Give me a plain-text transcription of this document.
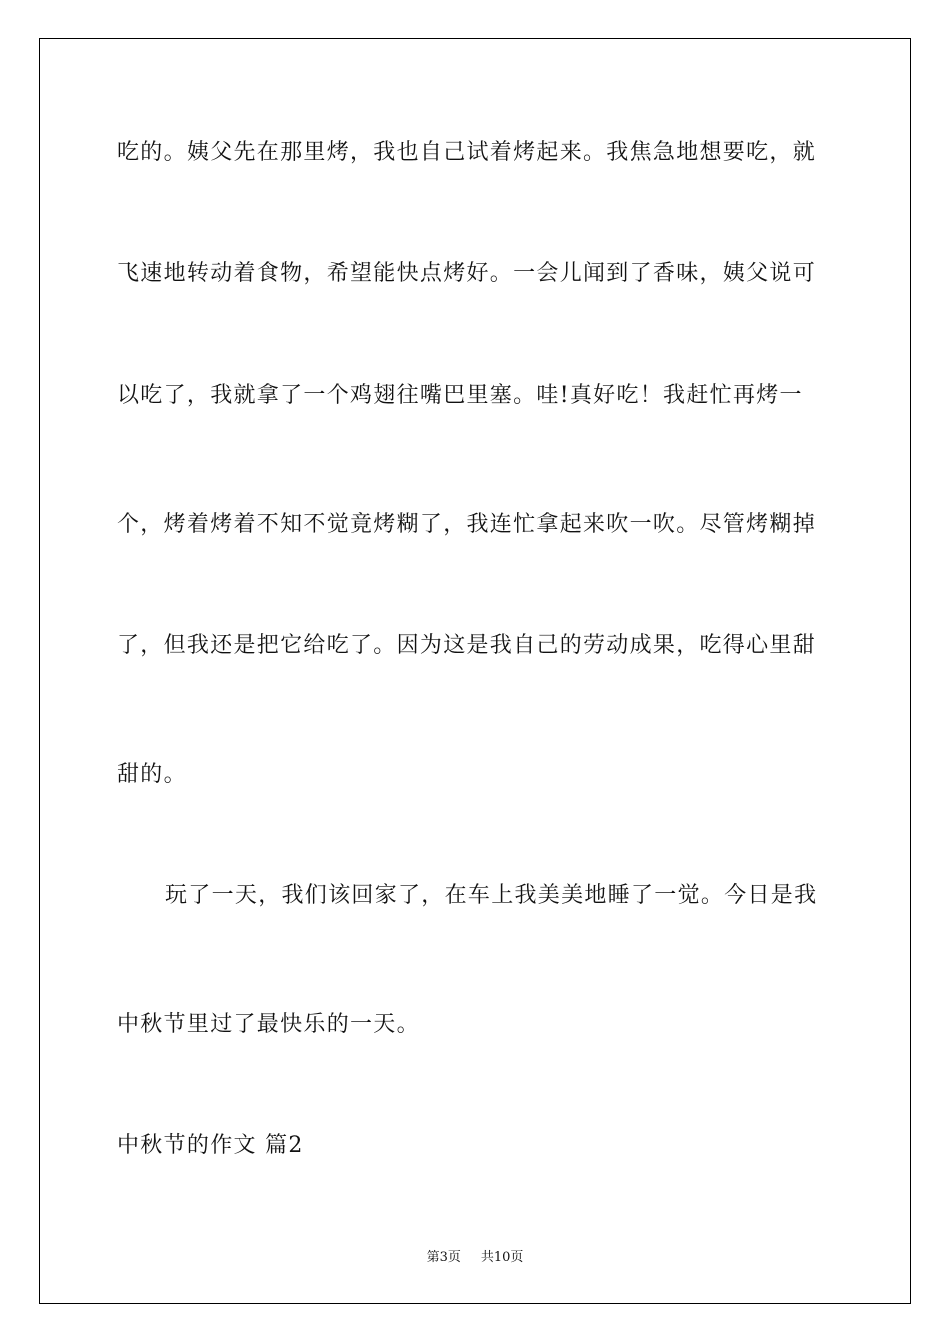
吃的。姨父先在那里烤，我也自己试着烤起来。我焦急地想要吃，就
飞速地转动着食物，希望能快点烤好。一会儿闻到了香味，姨父说可
以吃了，我就拿了一个鸡翅往嘴巴里塞。哇!真好吃！我赶忙再烤一
个，烤着烤着不知不觉竟烤糊了，我连忙拿起来吹一吹。尽管烤糊掉
了，但我还是把它给吃了。因为这是我自己的劳动成果，吃得心里甜
甜的。
玩了一天，我们该回家了，在车上我美美地睡了一觉。今日是我
中秋节里过了最快乐的一天。
中秋节的作文 篇2
第3页 共10页
